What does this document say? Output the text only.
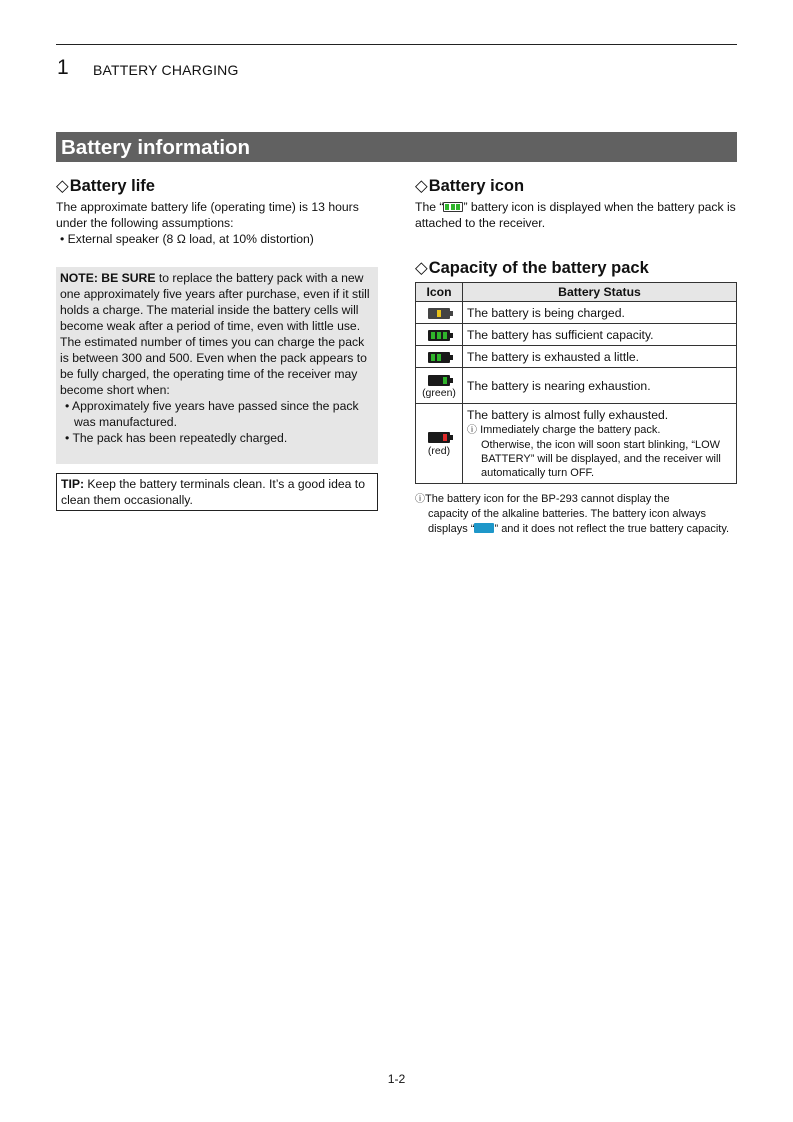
1 BATTERY CHARGING
Battery information
◇Battery life
The approximate battery life (operating time) is 13 hours under the following assumptions:
• External speaker (8 Ω load, at 10% distortion)
NOTE: BE SURE to replace the battery pack with a new one approximately five years after purchase, even if it still holds a charge. The material inside the battery cells will become weak after a period of time, even with little use.
The estimated number of times you can charge the pack is between 300 and 500. Even when the pack appears to be fully charged, the operating time of the receiver may become short when:
• Approximately five years have passed since the pack was manufactured.
• The pack has been repeatedly charged.
TIP: Keep the battery terminals clean. It’s a good idea to clean them occasionally.
◇Battery icon
The “ ” battery icon is displayed when the battery pack is attached to the receiver.
◇Capacity of the battery pack
Icon	Battery Status

	The battery is being charged.

	The battery has sufficient capacity.

	The battery is exhausted a little.

(green)	The battery is nearing exhaustion.

(red)	The battery is almost fully exhausted.
ⓘ Immediately charge the battery pack.
Otherwise, the icon will soon start blinking, “LOW BATTERY” will be displayed, and the receiver will automatically turn OFF.
ⓘThe battery icon for the BP-293 cannot display the
capacity of the alkaline batteries. The battery icon always displays “ ” and it does not reflect the true battery capacity.
1-2
